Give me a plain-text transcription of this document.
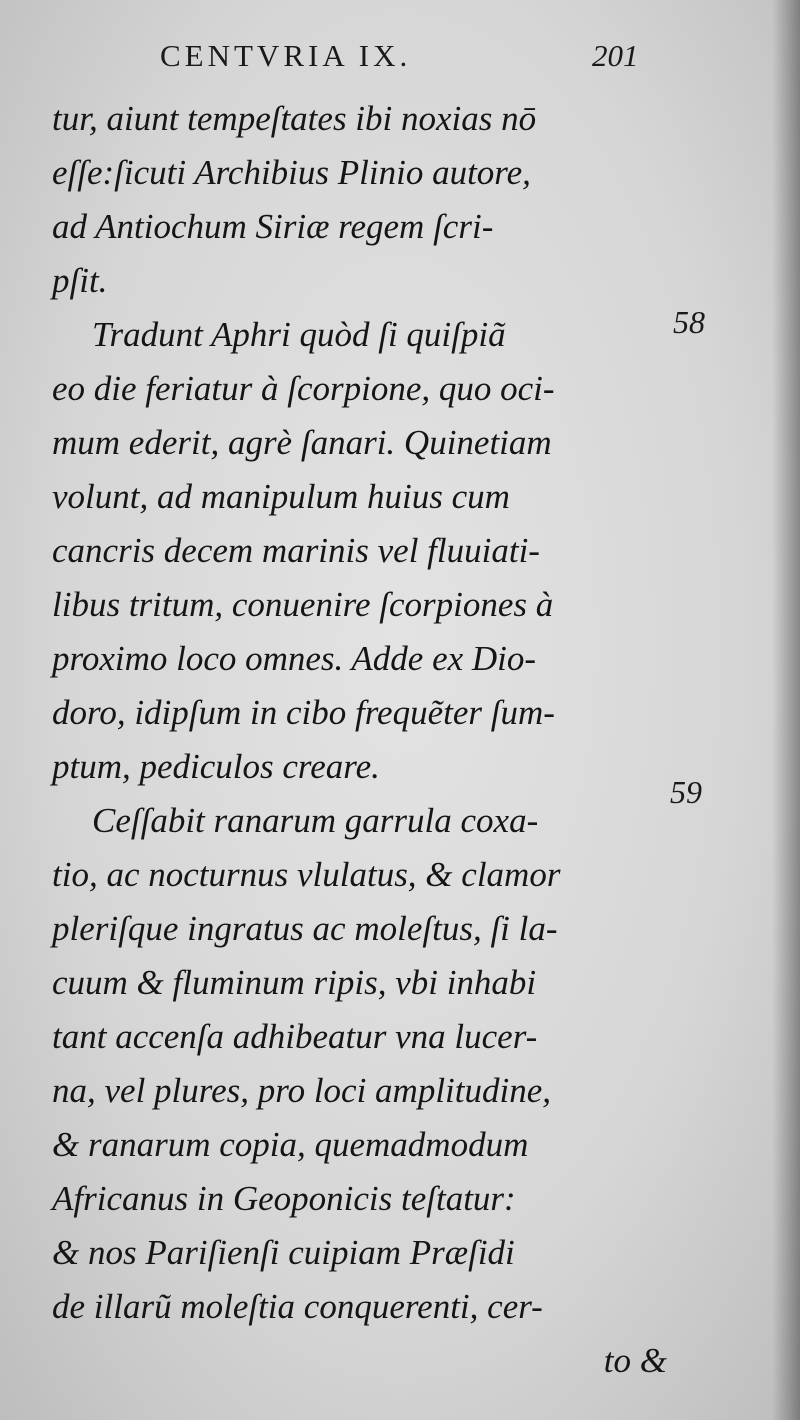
CENTVRIA IX.	201
tur, aiunt tempeſtates ibi noxias nō
eſſe:ſicuti Archibius Plinio autore,
ad Antiochum Siriæ regem ſcri-
pſit.
Tradunt Aphri quòd ſi quiſpiã
eo die feriatur à ſcorpione, quo oci-
mum ederit, agrè ſanari. Quinetiam
volunt, ad manipulum huius cum
cancris decem marinis vel fluuiati-
libus tritum, conuenire ſcorpiones à
proximo loco omnes. Adde ex Dio-
doro, idipſum in cibo frequẽter ſum-
ptum, pediculos creare.
Ceſſabit ranarum garrula coxa-
tio, ac nocturnus vlulatus, & clamor
pleriſque ingratus ac moleſtus, ſi la-
cuum & fluminum ripis, vbi inhabi
tant accenſa adhibeatur vna lucer-
na, vel plures, pro loci amplitudine,
& ranarum copia, quemadmodum
Africanus in Geoponicis teſtatur:
& nos Pariſienſi cuipiam Præſidi
de illarũ moleſtia conquerenti, cer-
to &
58
59
